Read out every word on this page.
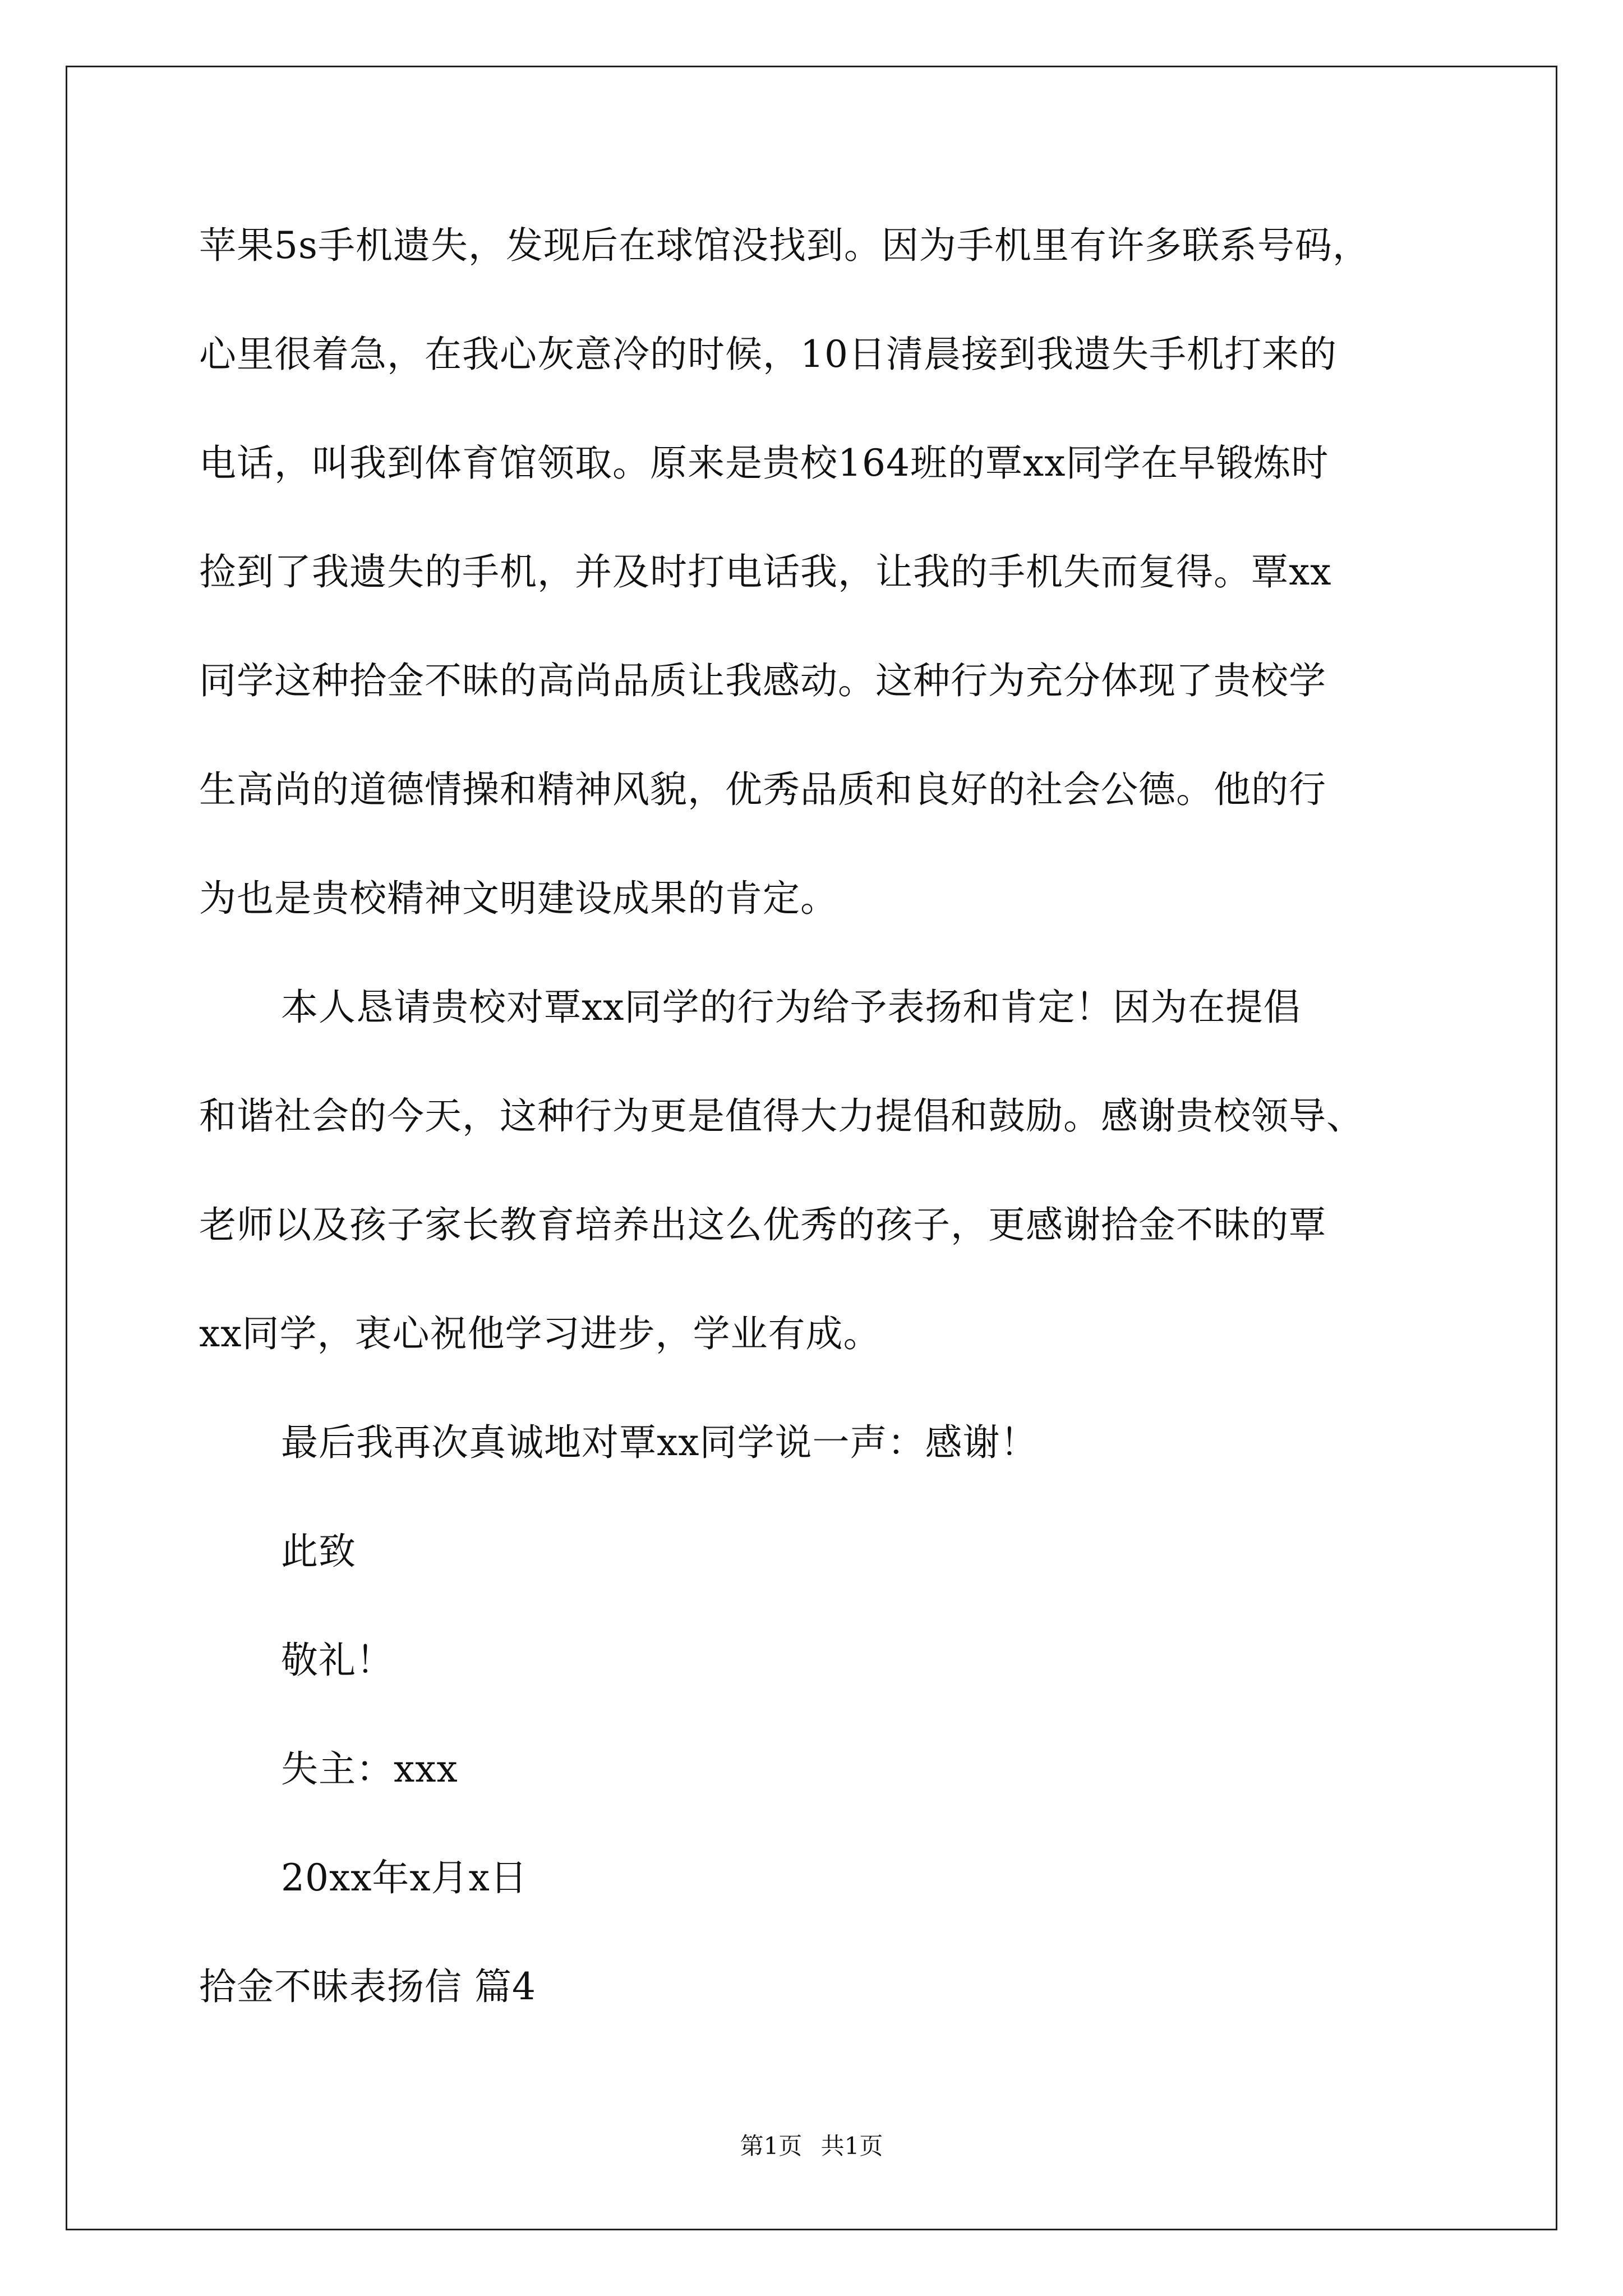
苹果5s手机遗失，发现后在球馆没找到。因为手机里有许多联系号码，
心里很着急，在我心灰意冷的时候，10日清晨接到我遗失手机打来的
电话，叫我到体育馆领取。原来是贵校164班的覃xx同学在早锻炼时
捡到了我遗失的手机，并及时打电话我，让我的手机失而复得。覃xx
同学这种拾金不昧的高尚品质让我感动。这种行为充分体现了贵校学
生高尚的道德情操和精神风貌，优秀品质和良好的社会公德。他的行
为也是贵校精神文明建设成果的肯定。
本人恳请贵校对覃xx同学的行为给予表扬和肯定！因为在提倡
和谐社会的今天，这种行为更是值得大力提倡和鼓励。感谢贵校领导、
老师以及孩子家长教育培养出这么优秀的孩子，更感谢拾金不昧的覃
xx同学，衷心祝他学习进步，学业有成。
最后我再次真诚地对覃xx同学说一声：感谢！
此致
敬礼！
失主：xxx
20xx年x月x日
拾金不昧表扬信 篇4
第1页 共1页
